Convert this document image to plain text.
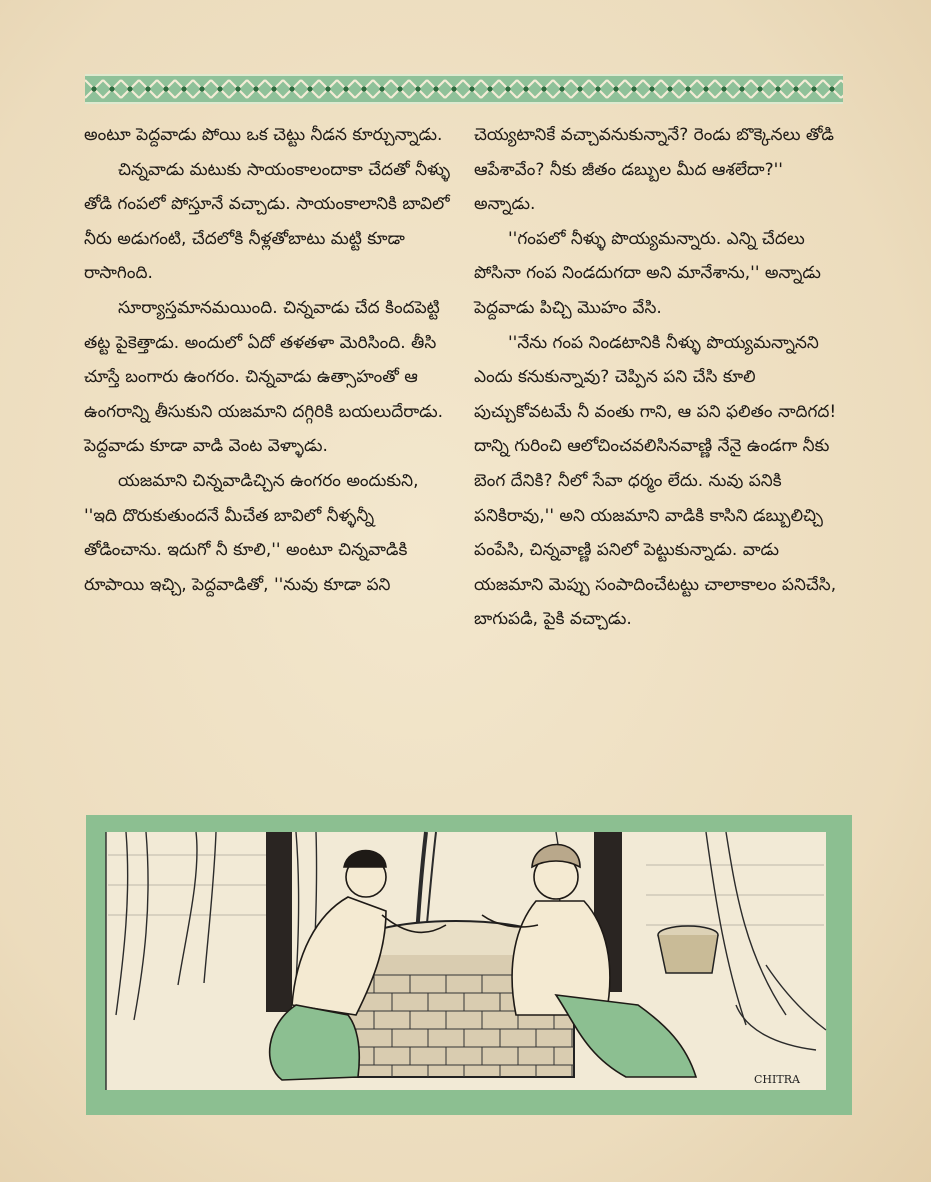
అంటూ పెద్దవాడు పోయి ఒక చెట్టు నీడన కూర్చున్నాడు.

చిన్నవాడు మటుకు సాయంకాలందాకా చేదతో నీళ్ళు తోడి గంపలో పోస్తూనే వచ్చాడు. సాయంకాలానికి బావిలో నీరు అడుగంటి, చేదలోకి నీళ్లతోబాటు మట్టి కూడా రాసాగింది.

సూర్యాస్తమానమయింది. చిన్నవాడు చేద కిందపెట్టి తట్ట పైకెత్తాడు. అందులో ఏదో తళతళా మెరిసింది. తీసి చూస్తే బంగారు ఉంగరం. చిన్నవాడు ఉత్సాహంతో ఆ ఉంగరాన్ని తీసుకుని యజమాని దగ్గిరికి బయలుదేరాడు. పెద్దవాడు కూడా వాడి వెంట వెళ్ళాడు.

యజమాని చిన్నవాడిచ్చిన ఉంగరం అందుకుని, ''ఇది దొరుకుతుందనే మీచేత బావిలో నీళ్ళన్నీ తోడించాను. ఇదుగో నీ కూలి,'' అంటూ చిన్నవాడికి రూపాయి ఇచ్చి, పెద్దవాడితో, ''నువు కూడా పని

చెయ్యటానికే వచ్చావనుకున్నానే? రెండు బొక్కెనలు తోడి ఆపేశావేం? నీకు జీతం డబ్బుల మీద ఆశలేదా?'' అన్నాడు.

''గంపలో నీళ్ళు పొయ్యమన్నారు. ఎన్ని చేదలు పోసినా గంప నిండదుగదా అని మానేశాను,'' అన్నాడు పెద్దవాడు పిచ్చి మొహం వేసి.

''నేను గంప నిండటానికి నీళ్ళు పొయ్యమన్నానని ఎందు కనుకున్నావు? చెప్పిన పని చేసి కూలి పుచ్చుకోవటమే నీ వంతు గాని, ఆ పని ఫలితం నాదిగద! దాన్ని గురించి ఆలోచించవలిసినవాణ్ణి నేనై ఉండగా నీకు బెంగ దేనికి? నీలో సేవా ధర్మం లేదు. నువు పనికి పనికిరావు,'' అని యజమాని వాడికి కాసిని డబ్బులిచ్చి పంపేసి, చిన్నవాణ్ణి పనిలో పెట్టుకున్నాడు. వాడు యజమాని మెప్పు సంపాదించేటట్టు చాలాకాలం పనిచేసి, బాగుపడి, పైకి వచ్చాడు.

CHITRA
